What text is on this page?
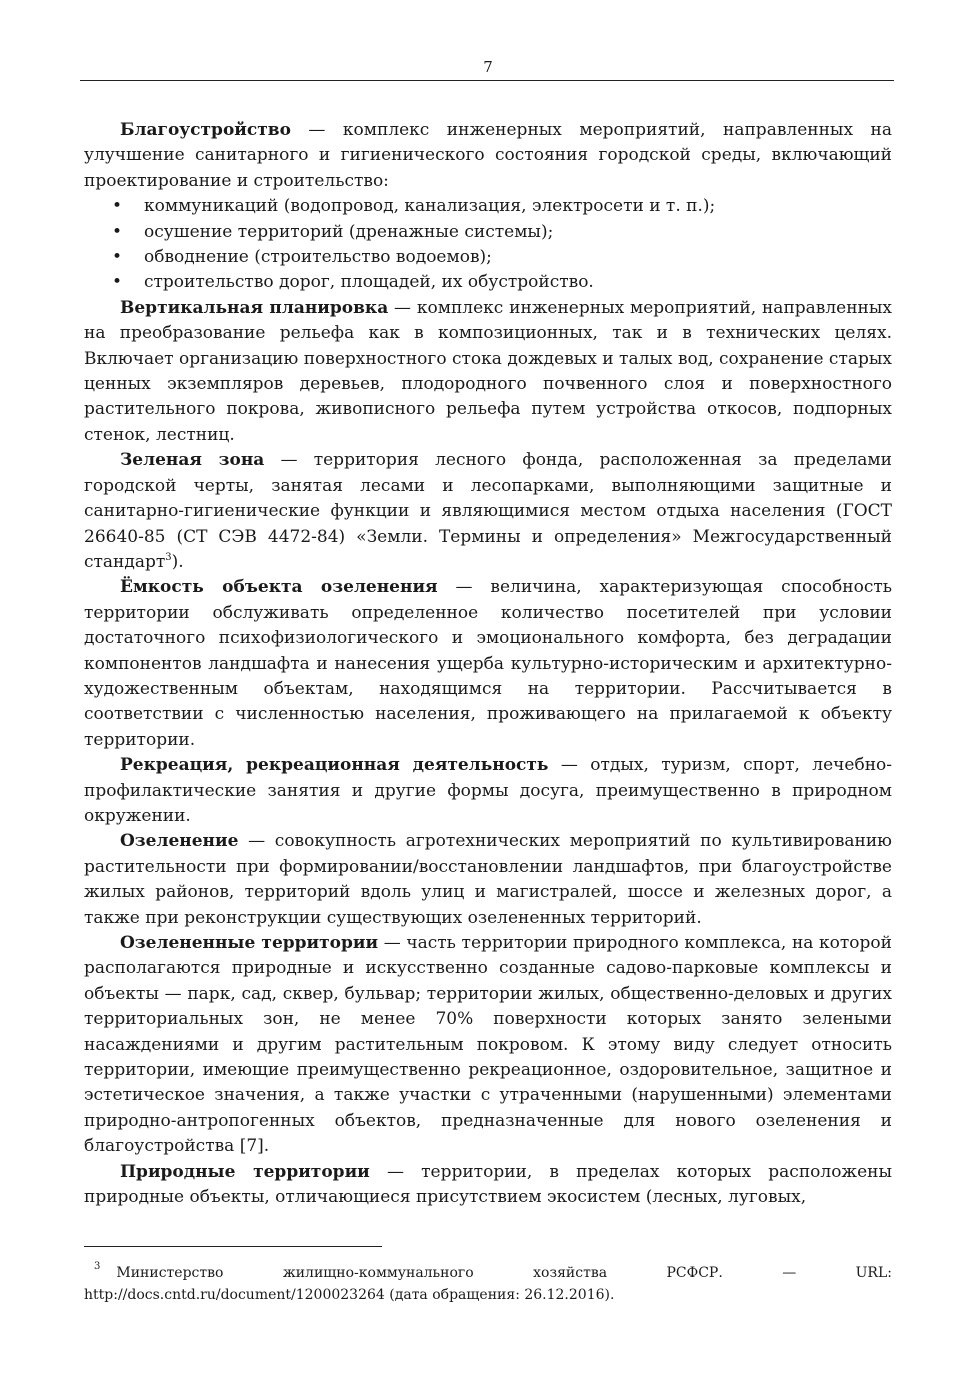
7

Благоустройство — комплекс инженерных мероприятий, направленных на улучшение санитарного и гигиенического состояния городской среды, включающий проектирование и строительство:

• коммуникаций (водопровод, канализация, электросети и т. п.);
• осушение территорий (дренажные системы);
• обводнение (строительство водоемов);
• строительство дорог, площадей, их обустройство.

Вертикальная планировка — комплекс инженерных мероприятий, направленных на преобразование рельефа как в композиционных, так и в технических целях. Включает организацию поверхностного стока дождевых и талых вод, сохранение старых ценных экземпляров деревьев, плодородного почвенного слоя и поверхностного растительного покрова, живописного рельефа путем устройства откосов, подпорных стенок, лестниц.

Зеленая зона — территория лесного фонда, расположенная за пределами городской черты, занятая лесами и лесопарками, выполняющими защитные и санитарно-гигиенические функции и являющимися местом отдыха населения (ГОСТ 26640-85 (СТ СЭВ 4472-84) «Земли. Термины и определения» Межгосударственный стандарт$^3$).

Ёмкость объекта озеленения — величина, характеризующая способность территории обслуживать определенное количество посетителей при условии достаточного психофизиологического и эмоционального комфорта, без деградации компонентов ландшафта и нанесения ущерба культурно-историческим и архитектурно-художественным объектам, находящимся на территории. Рассчитывается в соответствии с численностью населения, проживающего на прилагаемой к объекту территории.

Рекреация, рекреационная деятельность — отдых, туризм, спорт, лечебно-профилактические занятия и другие формы досуга, преимущественно в природном окружении.

Озеленение — совокупность агротехнических мероприятий по культивированию растительности при формировании/восстановлении ландшафтов, при благоустройстве жилых районов, территорий вдоль улиц и магистралей, шоссе и железных дорог, а также при реконструкции существующих озелененных территорий.

Озелененные территории — часть территории природного комплекса, на которой располагаются природные и искусственно созданные садово-парковые комплексы и объекты — парк, сад, сквер, бульвар; территории жилых, общественно-деловых и других территориальных зон, не менее 70% поверхности которых занято зелеными насаждениями и другим растительным покровом. К этому виду следует относить территории, имеющие преимущественно рекреационное, оздоровительное, защитное и эстетическое значения, а также участки с утраченными (нарушенными) элементами природно-антропогенных объектов, предназначенные для нового озеленения и благоустройства [7].

Природные территории — территории, в пределах которых расположены природные объекты, отличающиеся присутствием экосистем (лесных, луговых,

$^3$ Министерство жилищно-коммунального хозяйства РСФСР. — URL: http://docs.cntd.ru/document/1200023264 (дата обращения: 26.12.2016).
